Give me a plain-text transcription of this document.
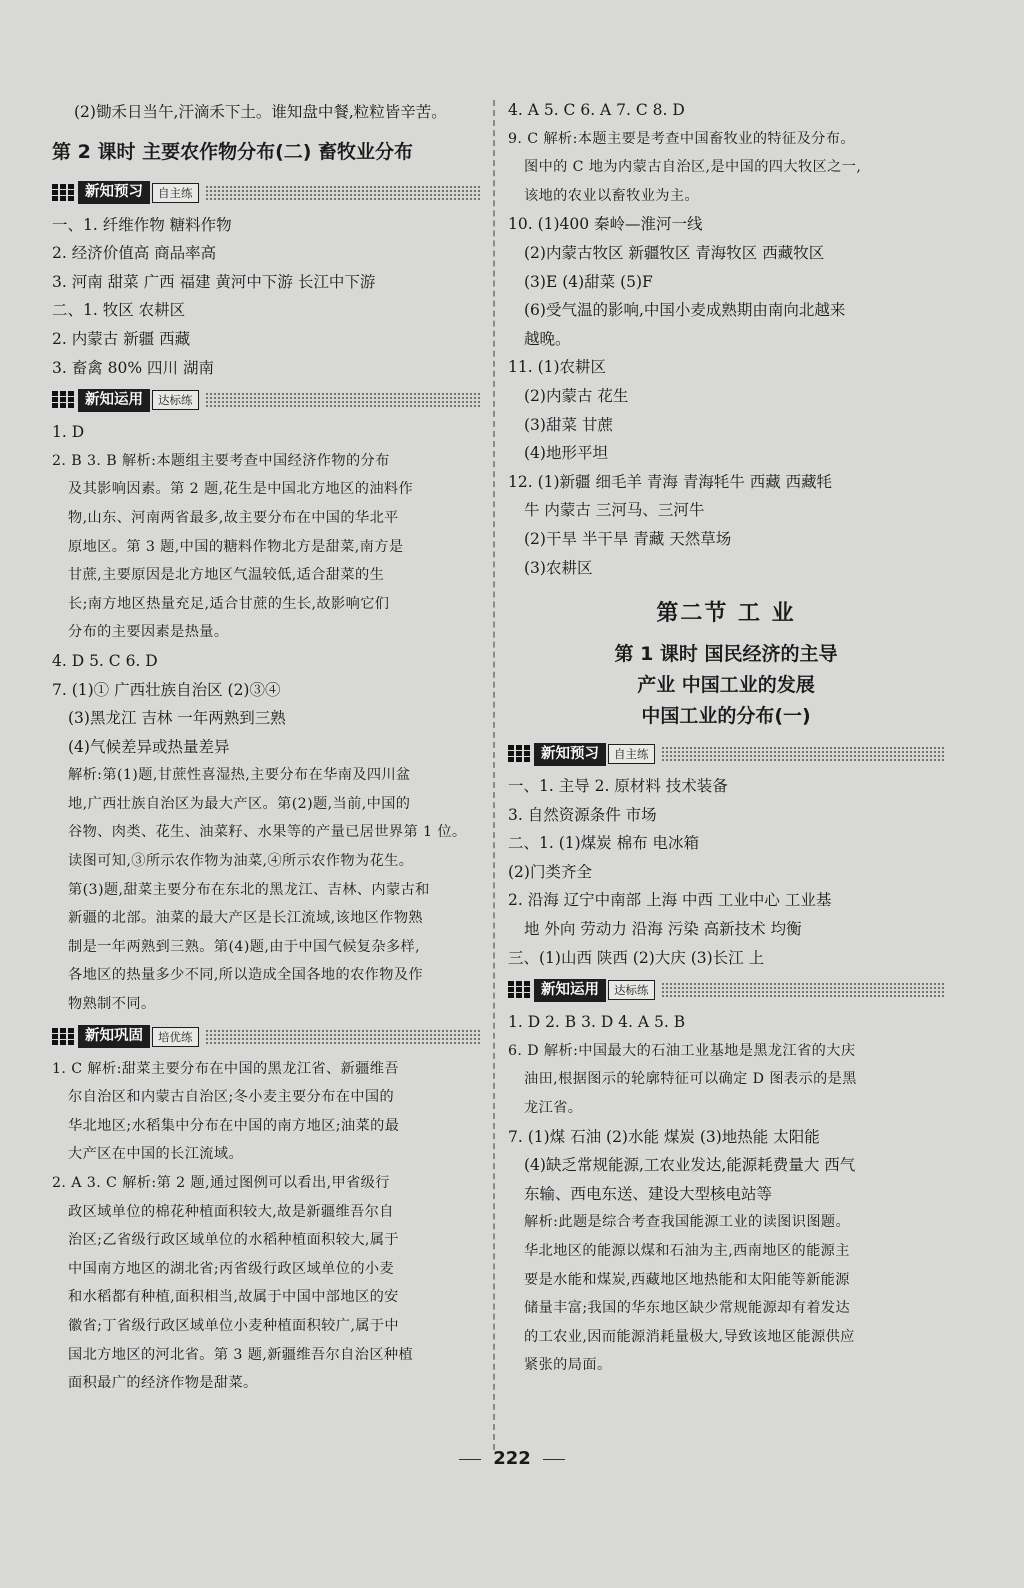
(2)锄禾日当午,汗滴禾下土。谁知盘中餐,粒粒皆辛苦。
第 2 课时 主要农作物分布(二) 畜牧业分布
新知预习	自主练
一、1. 纤维作物 糖料作物
2. 经济价值高 商品率高
3. 河南 甜菜 广西 福建 黄河中下游 长江中下游
二、1. 牧区 农耕区
2. 内蒙古 新疆 西藏
3. 畜禽 80% 四川 湖南
新知运用	达标练
1. D
2. B 3. B 解析:本题组主要考查中国经济作物的分布
及其影响因素。第 2 题,花生是中国北方地区的油料作
物,山东、河南两省最多,故主要分布在中国的华北平
原地区。第 3 题,中国的糖料作物北方是甜菜,南方是
甘蔗,主要原因是北方地区气温较低,适合甜菜的生
长;南方地区热量充足,适合甘蔗的生长,故影响它们
分布的主要因素是热量。
4. D 5. C 6. D
7. (1)① 广西壮族自治区 (2)③④
(3)黑龙江 吉林 一年两熟到三熟
(4)气候差异或热量差异
解析:第(1)题,甘蔗性喜湿热,主要分布在华南及四川盆
地,广西壮族自治区为最大产区。第(2)题,当前,中国的
谷物、肉类、花生、油菜籽、水果等的产量已居世界第 1 位。
读图可知,③所示农作物为油菜,④所示农作物为花生。
第(3)题,甜菜主要分布在东北的黑龙江、吉林、内蒙古和
新疆的北部。油菜的最大产区是长江流域,该地区作物熟
制是一年两熟到三熟。第(4)题,由于中国气候复杂多样,
各地区的热量多少不同,所以造成全国各地的农作物及作
物熟制不同。
新知巩固	培优练
1. C 解析:甜菜主要分布在中国的黑龙江省、新疆维吾
尔自治区和内蒙古自治区;冬小麦主要分布在中国的
华北地区;水稻集中分布在中国的南方地区;油菜的最
大产区在中国的长江流域。
2. A 3. C 解析:第 2 题,通过图例可以看出,甲省级行
政区域单位的棉花种植面积较大,故是新疆维吾尔自
治区;乙省级行政区域单位的水稻种植面积较大,属于
中国南方地区的湖北省;丙省级行政区域单位的小麦
和水稻都有种植,面积相当,故属于中国中部地区的安
徽省;丁省级行政区域单位小麦种植面积较广,属于中
国北方地区的河北省。第 3 题,新疆维吾尔自治区种植
面积最广的经济作物是甜菜。
4. A 5. C 6. A 7. C 8. D
9. C 解析:本题主要是考查中国畜牧业的特征及分布。
图中的 C 地为内蒙古自治区,是中国的四大牧区之一,
该地的农业以畜牧业为主。
10. (1)400 秦岭—淮河一线
(2)内蒙古牧区 新疆牧区 青海牧区 西藏牧区
(3)E (4)甜菜 (5)F
(6)受气温的影响,中国小麦成熟期由南向北越来
越晚。
11. (1)农耕区
(2)内蒙古 花生
(3)甜菜 甘蔗
(4)地形平坦
12. (1)新疆 细毛羊 青海 青海牦牛 西藏 西藏牦
牛 内蒙古 三河马、三河牛
(2)干旱 半干旱 青藏 天然草场
(3)农耕区
第二节 工 业
第 1 课时 国民经济的主导
产业 中国工业的发展
中国工业的分布(一)
新知预习	自主练
一、1. 主导 2. 原材料 技术装备
3. 自然资源条件 市场
二、1. (1)煤炭 棉布 电冰箱
(2)门类齐全
2. 沿海 辽宁中南部 上海 中西 工业中心 工业基
地 外向 劳动力 沿海 污染 高新技术 均衡
三、(1)山西 陕西 (2)大庆 (3)长江 上
新知运用	达标练
1. D 2. B 3. D 4. A 5. B
6. D 解析:中国最大的石油工业基地是黑龙江省的大庆
油田,根据图示的轮廓特征可以确定 D 图表示的是黑
龙江省。
7. (1)煤 石油 (2)水能 煤炭 (3)地热能 太阳能
(4)缺乏常规能源,工农业发达,能源耗费量大 西气
东输、西电东送、建设大型核电站等
解析:此题是综合考查我国能源工业的读图识图题。
华北地区的能源以煤和石油为主,西南地区的能源主
要是水能和煤炭,西藏地区地热能和太阳能等新能源
储量丰富;我国的华东地区缺少常规能源却有着发达
的工农业,因而能源消耗量极大,导致该地区能源供应
紧张的局面。
222
